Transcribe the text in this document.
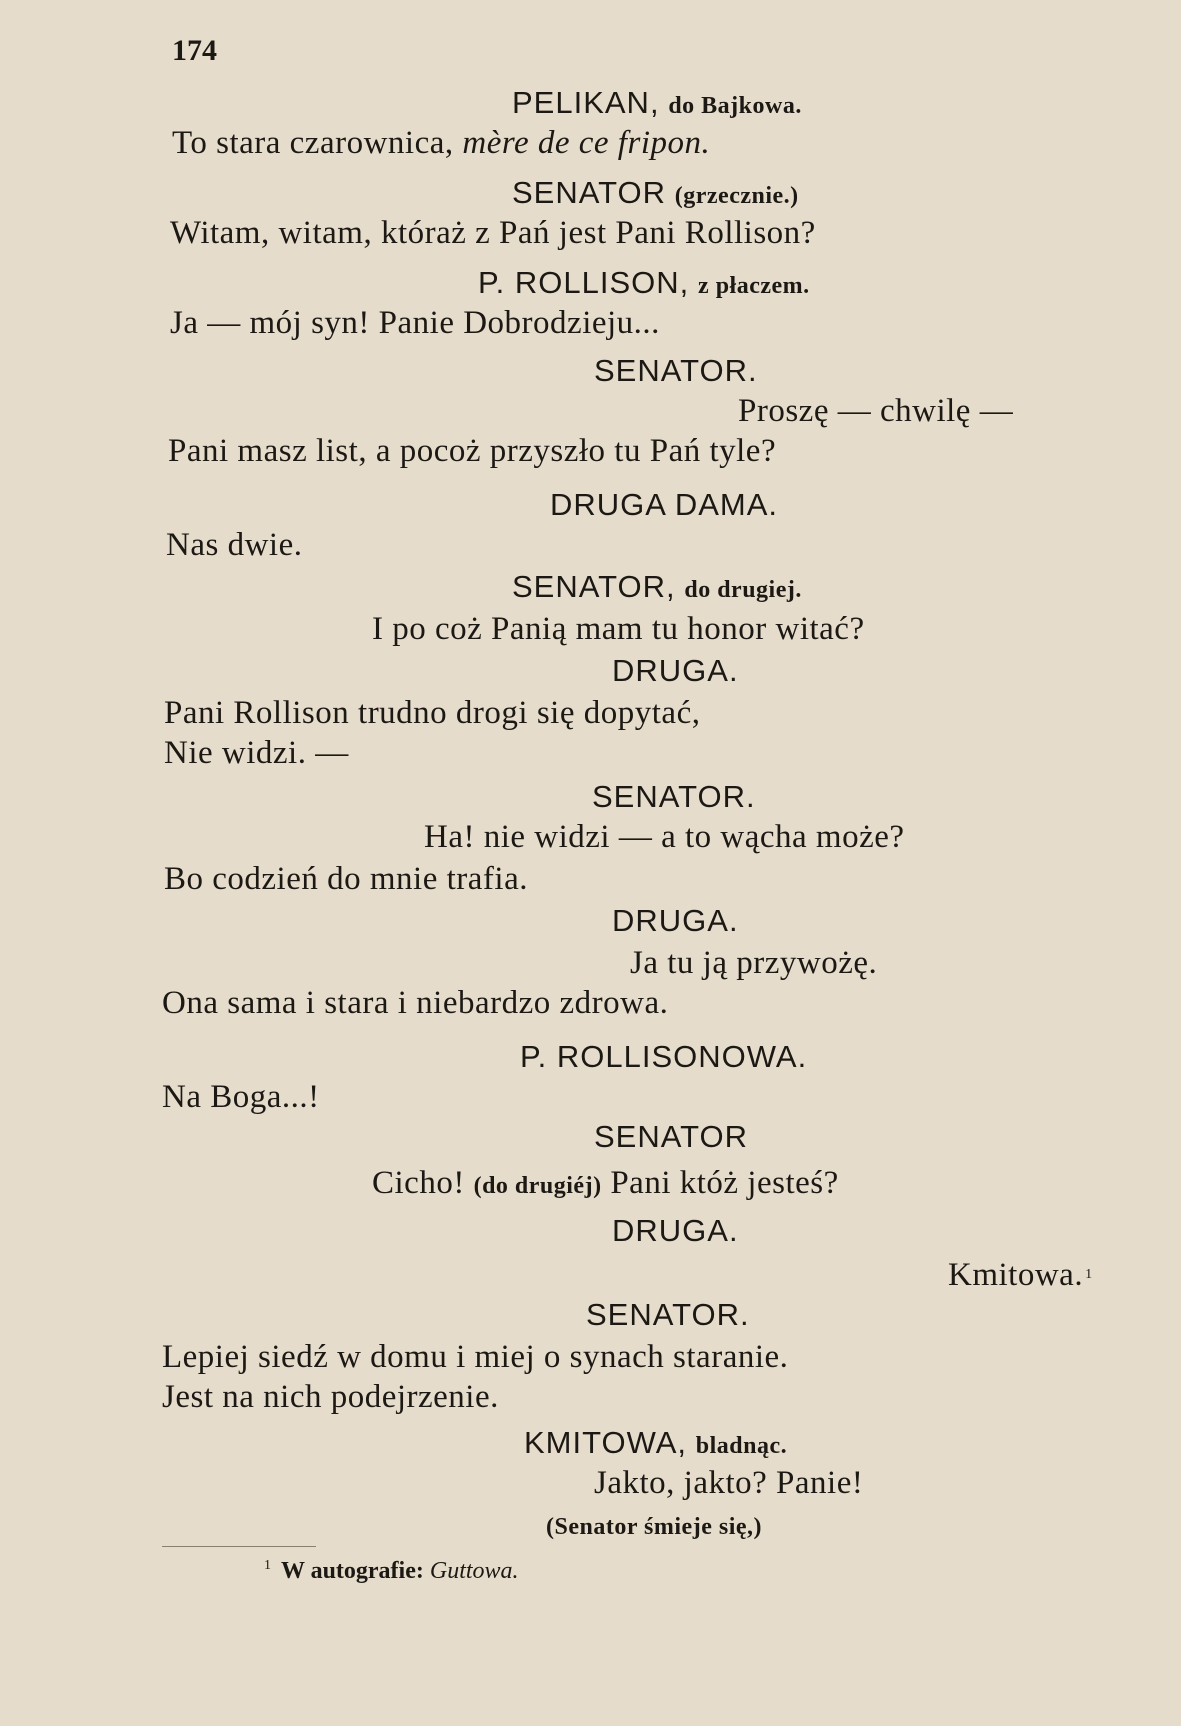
174
PELIKAN, do Bajkowa.
To stara czarownica, mère de ce fripon.
SENATOR (grzecznie.)
Witam, witam, któraż z Pań jest Pani Rollison?
P. ROLLISON, z płaczem.
Ja — mój syn! Panie Dobrodzieju...
SENATOR.
Proszę — chwilę —
Pani masz list, a pocoż przyszło tu Pań tyle?
DRUGA DAMA.
Nas dwie.
SENATOR, do drugiej.
I po coż Panią mam tu honor witać?
DRUGA.
Pani Rollison trudno drogi się dopytać,
Nie widzi. —
SENATOR.
Ha! nie widzi — a to wącha może?
Bo codzień do mnie trafia.
DRUGA.
Ja tu ją przywożę.
Ona sama i stara i niebardzo zdrowa.
P. ROLLISONOWA.
Na Boga...!
SENATOR
Cicho! (do drugiéj) Pani któż jesteś?
DRUGA.
Kmitowa. $^1$
SENATOR.
Lepiej siedź w domu i miej o synach staranie.
Jest na nich podejrzenie.
KMITOWA, bladnąc.
Jakto, jakto? Panie!
(Senator śmieje się,)
$^1$ W autografie: Guttowa.
